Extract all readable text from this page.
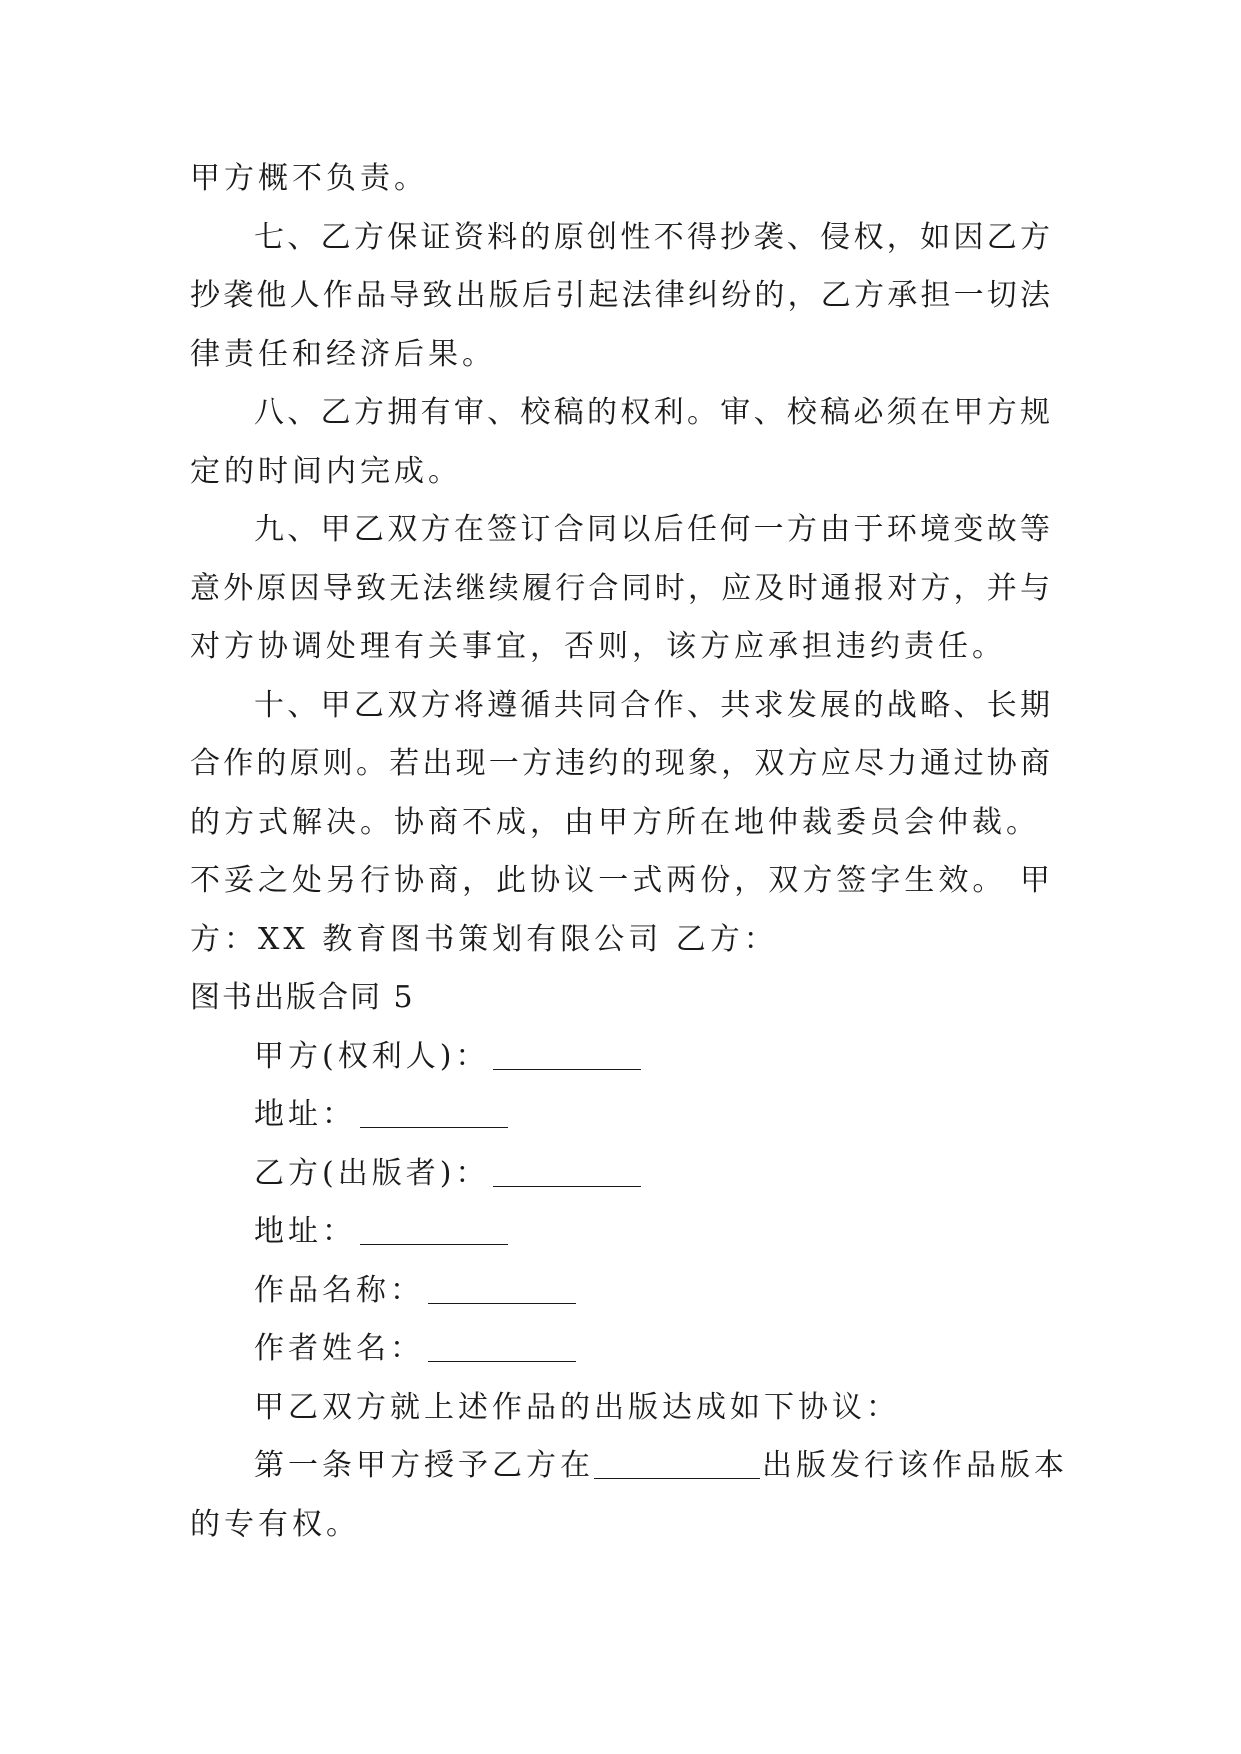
甲方概不负责。
七、乙方保证资料的原创性不得抄袭、侵权，如因乙方
抄袭他人作品导致出版后引起法律纠纷的，乙方承担一切法
律责任和经济后果。
八、乙方拥有审、校稿的权利。审、校稿必须在甲方规
定的时间内完成。
九、甲乙双方在签订合同以后任何一方由于环境变故等
意外原因导致无法继续履行合同时，应及时通报对方，并与
对方协调处理有关事宜，否则，该方应承担违约责任。
十、甲乙双方将遵循共同合作、共求发展的战略、长期
合作的原则。若出现一方违约的现象，双方应尽力通过协商
的方式解决。协商不成，由甲方所在地仲裁委员会仲裁。
不妥之处另行协商，此协议一式两份，双方签字生效。 甲
方：XX 教育图书策划有限公司 乙方：
图书出版合同 5
甲方(权利人)：
地址：
乙方(出版者)：
地址：
作品名称：
作者姓名：
甲乙双方就上述作品的出版达成如下协议：
第一条甲方授予乙方在	出版发行该作品版本
的专有权。
